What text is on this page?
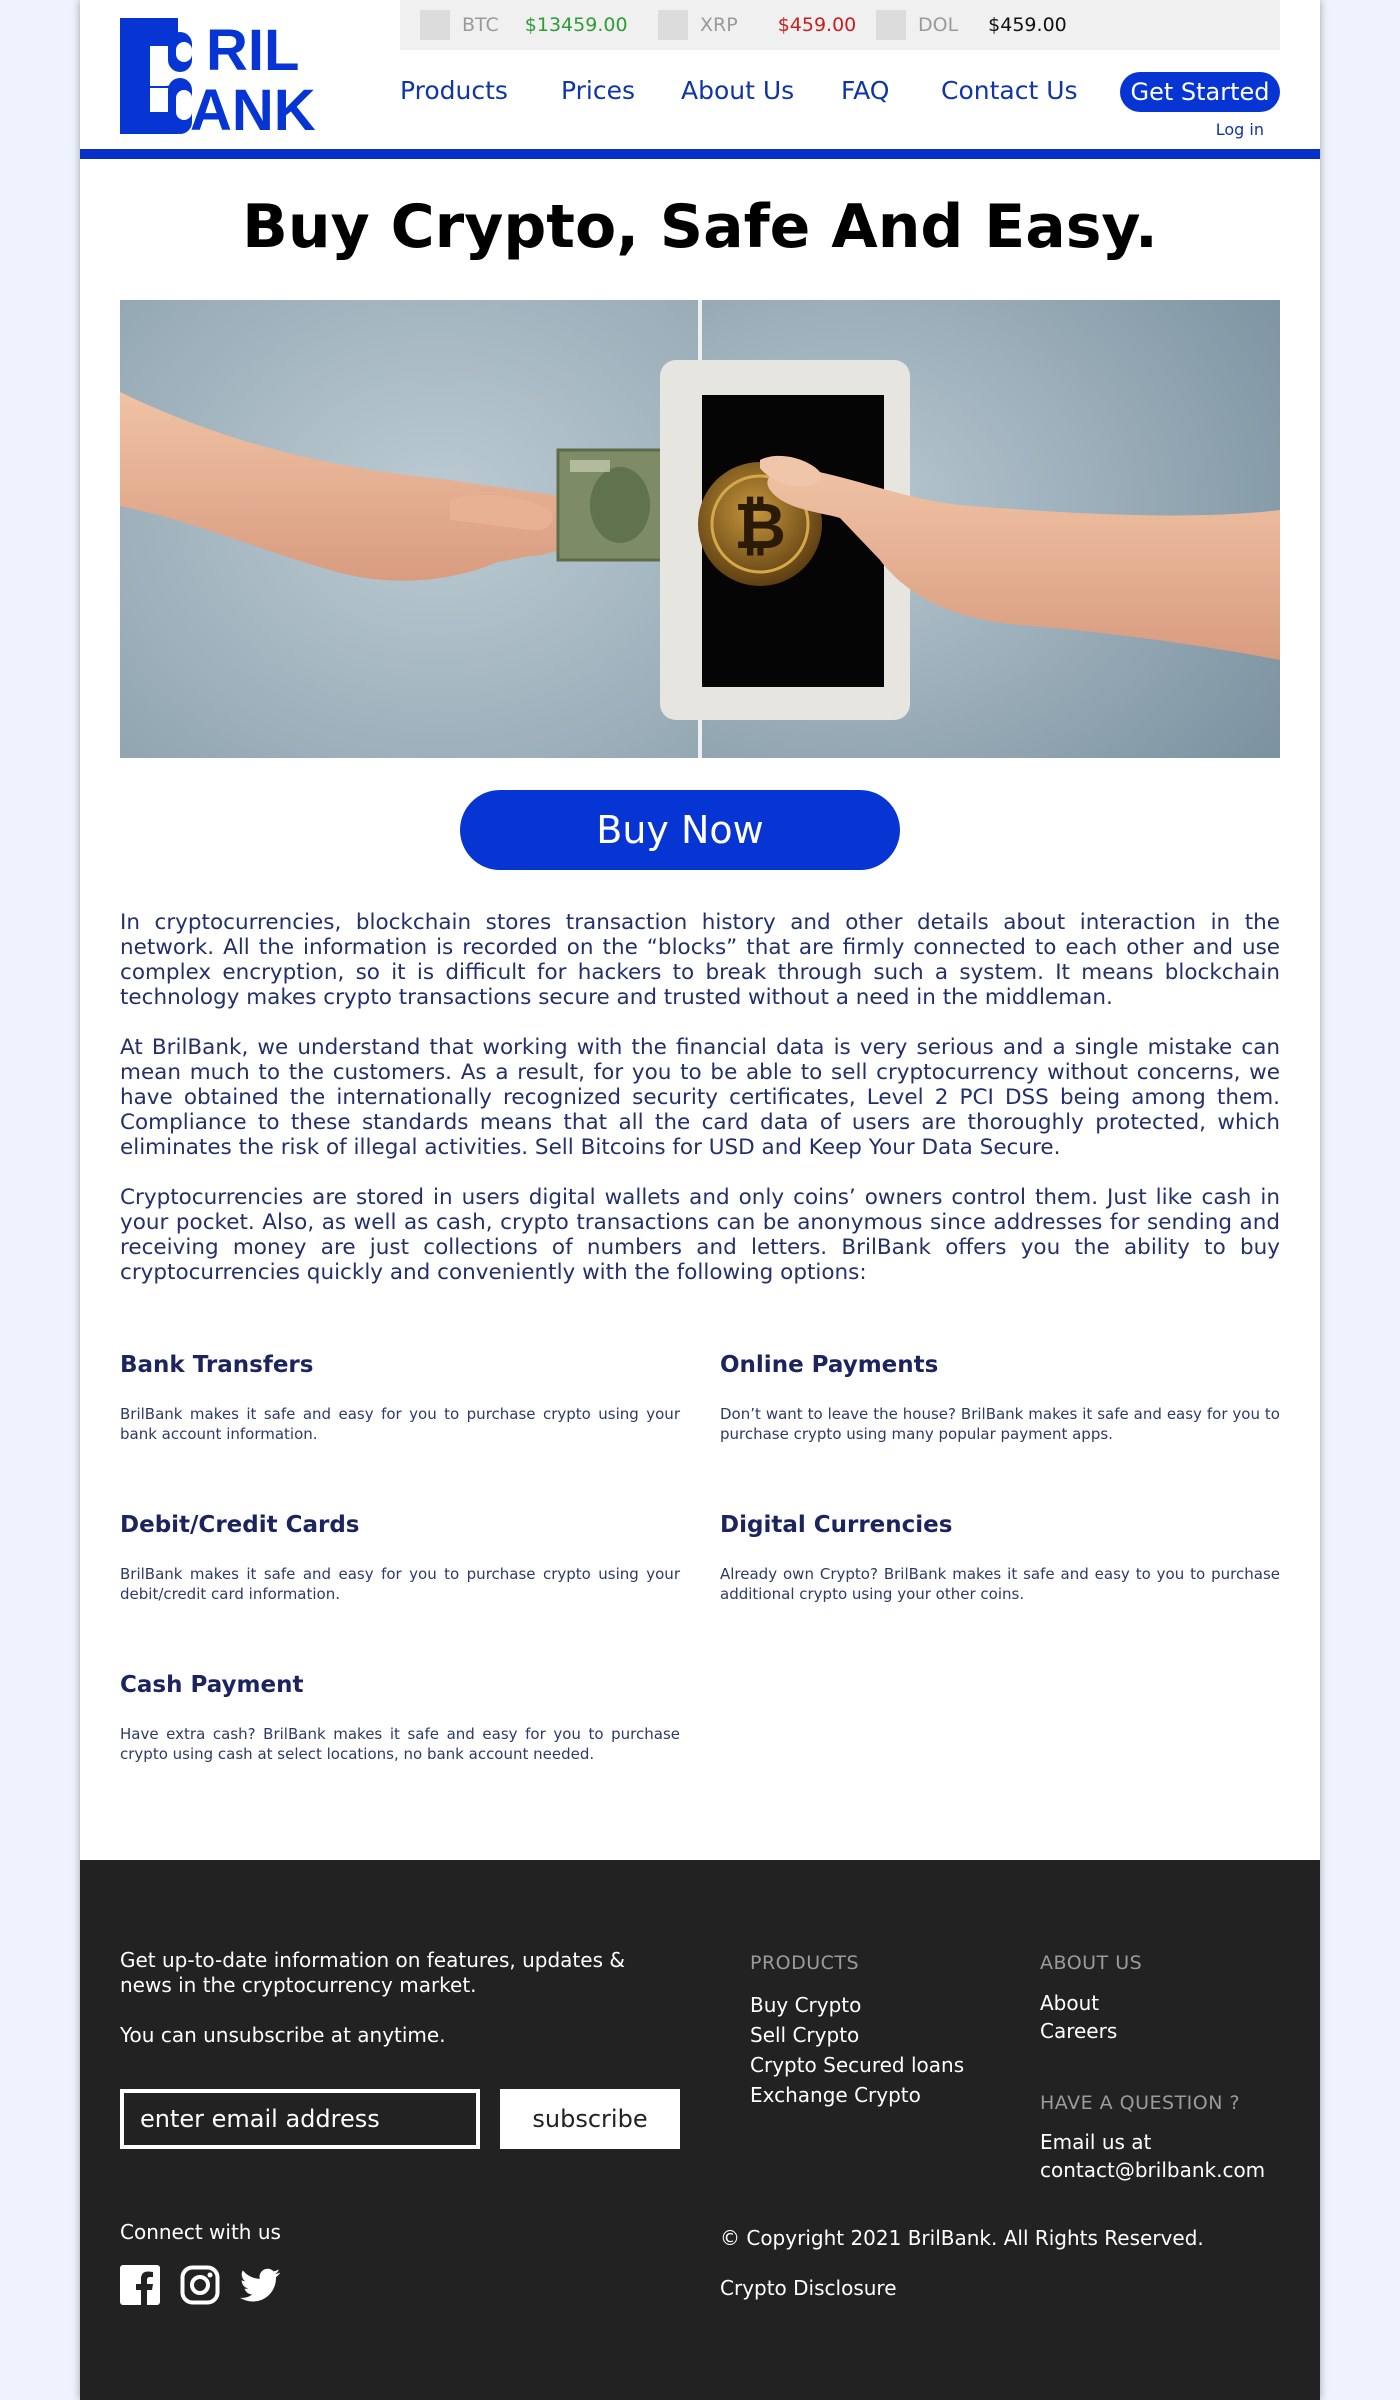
RIL
ANK
BTC $13459.00	XRP $459.00	DOL $459.00
Products Prices About Us FAQ Contact Us	Get Started
Log in
Buy Crypto, Safe And Easy.
₿
Buy Now

In cryptocurrencies, blockchain stores transaction history and other details about interaction in the network. All the information is recorded on the “blocks” that are firmly connected to each other and use complex encryption, so it is difficult for hackers to break through such a system. It means blockchain technology makes crypto transactions secure and trusted without a need in the middleman.

At BrilBank, we understand that working with the financial data is very serious and a single mistake can mean much to the customers. As a result, for you to be able to sell cryptocurrency without concerns, we have obtained the internationally recognized security certificates, Level 2 PCI DSS being among them. Compliance to these standards means that all the card data of users are thoroughly protected, which eliminates the risk of illegal activities. Sell Bitcoins for USD and Keep Your Data Secure.

Cryptocurrencies are stored in users digital wallets and only coins’ owners control them. Just like cash in your pocket. Also, as well as cash, crypto transactions can be anonymous since addresses for sending and receiving money are just collections of numbers and letters. BrilBank offers you the ability to buy cryptocurrencies quickly and conveniently with the following options:

Bank Transfers

BrilBank makes it safe and easy for you to purchase crypto using your bank account information.

Online Payments

Don’t want to leave the house? BrilBank makes it safe and easy for you to purchase crypto using many popular payment apps.

Debit/Credit Cards

BrilBank makes it safe and easy for you to purchase crypto using your debit/credit card information.

Digital Currencies

Already own Crypto? BrilBank makes it safe and easy to you to purchase additional crypto using your other coins.

Cash Payment

Have extra cash? BrilBank makes it safe and easy for you to purchase crypto using cash at select locations, no bank account needed.

Get up-to-date information on features, updates & news in the cryptocurrency market.
You can unsubscribe at anytime.
enter email address
subscribe
PRODUCTS
Buy Crypto
Sell Crypto
Crypto Secured loans
Exchange Crypto
ABOUT US
About
Careers
HAVE A QUESTION ?
Email us at
contact@brilbank.com
Connect with us	© Copyright 2021 BrilBank. All Rights Reserved.
Crypto Disclosure
